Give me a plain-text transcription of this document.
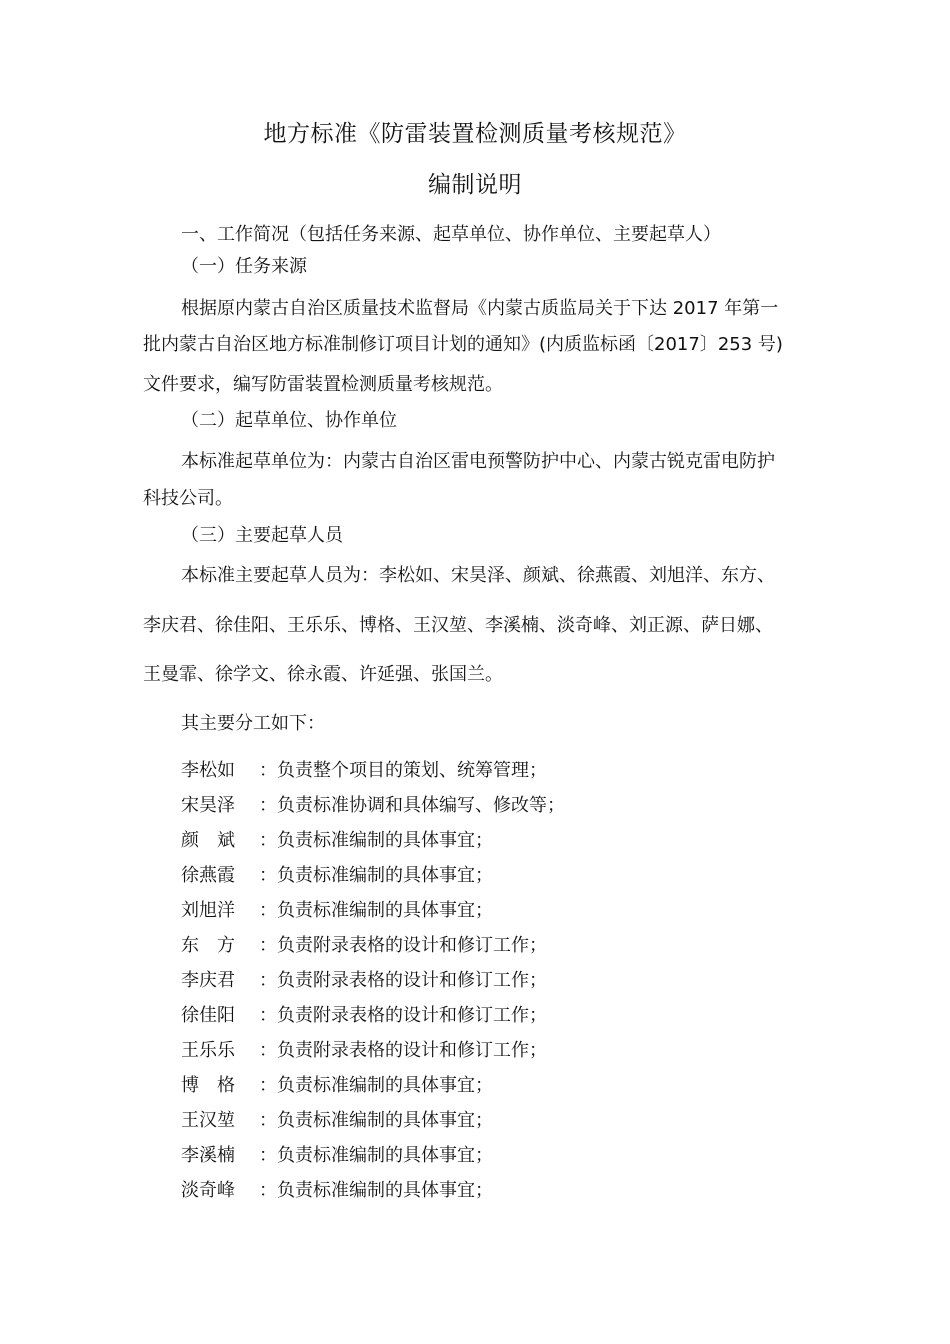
地方标准《防雷装置检测质量考核规范》
编制说明
一、工作简况（包括任务来源、起草单位、协作单位、主要起草人）
（一）任务来源
根据原内蒙古自治区质量技术监督局《内蒙古质监局关于下达 2017 年第一
批内蒙古自治区地方标准制修订项目计划的通知》(内质监标函〔2017〕253 号)
文件要求，编写防雷装置检测质量考核规范。
（二）起草单位、协作单位
本标准起草单位为：内蒙古自治区雷电预警防护中心、内蒙古锐克雷电防护
科技公司。
（三）主要起草人员
本标准主要起草人员为：李松如、宋昊泽、颜斌、徐燕霞、刘旭洋、东方、
李庆君、徐佳阳、王乐乐、博格、王汉堃、李溪楠、淡奇峰、刘正源、萨日娜、
王曼霏、徐学文、徐永霞、许延强、张国兰。
其主要分工如下：
李松如 ：负责整个项目的策划、统筹管理；
宋昊泽 ：负责标准协调和具体编写、修改等；
颜　斌 ：负责标准编制的具体事宜；
徐燕霞 ：负责标准编制的具体事宜；
刘旭洋 ：负责标准编制的具体事宜；
东　方 ：负责附录表格的设计和修订工作；
李庆君 ：负责附录表格的设计和修订工作；
徐佳阳 ：负责附录表格的设计和修订工作；
王乐乐 ：负责附录表格的设计和修订工作；
博　格 ：负责标准编制的具体事宜；
王汉堃 ：负责标准编制的具体事宜；
李溪楠 ：负责标准编制的具体事宜；
淡奇峰 ：负责标准编制的具体事宜；
